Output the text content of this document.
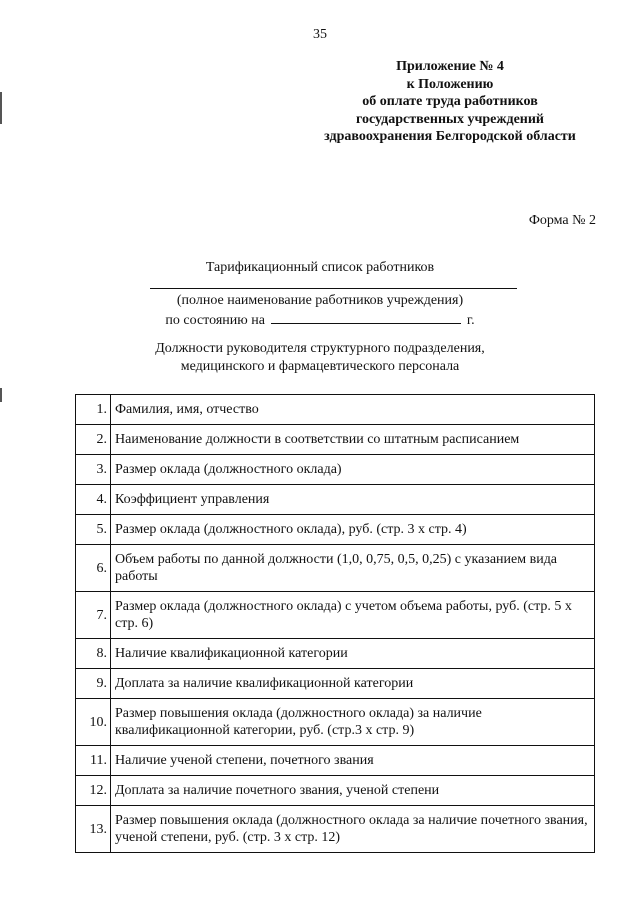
35
Приложение № 4
к Положению
об оплате труда работников
государственных учреждений
здравоохранения Белгородской области
Форма № 2
Тарификационный список работников
(полное наименование работников учреждения)
по состоянию на	г.
Должности руководителя структурного подразделения,
медицинского и фармацевтического персонала
1.	Фамилия, имя, отчество
2.	Наименование должности в соответствии со штатным расписанием
3.	Размер оклада (должностного оклада)
4.	Коэффициент управления
5.	Размер оклада (должностного оклада), руб. (стр. 3 х стр. 4)
6.	Объем работы по данной должности (1,0, 0,75, 0,5, 0,25) с указанием вида работы
7.	Размер оклада (должностного оклада) с учетом объема работы, руб. (стр. 5 х стр. 6)
8.	Наличие квалификационной категории
9.	Доплата за наличие квалификационной категории
10.	Размер повышения оклада (должностного оклада) за наличие квалификационной категории, руб. (стр.3 х стр. 9)
11.	Наличие ученой степени, почетного звания
12.	Доплата за наличие почетного звания, ученой степени
13.	Размер повышения оклада (должностного оклада за наличие почетного звания, ученой степени, руб. (стр. 3 х стр. 12)
